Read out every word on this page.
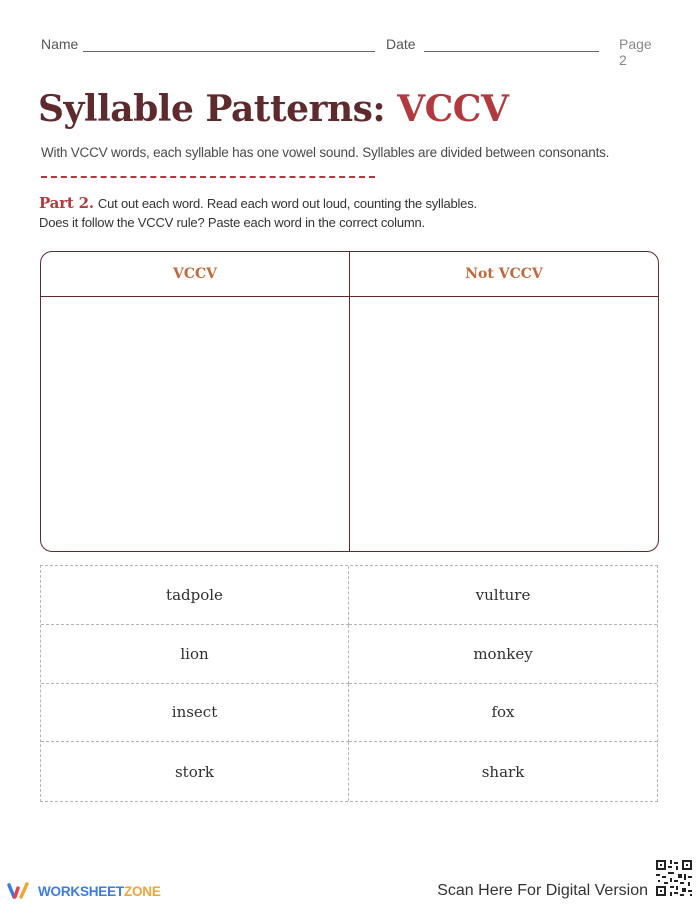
Name	Date	Page 2
Syllable Patterns: VCCV

With VCCV words, each syllable has one vowel sound. Syllables are divided between consonants.

Part 2. Cut out each word. Read each word out loud, counting the syllables.
Does it follow the VCCV rule? Paste each word in the correct column.
VCCV	Not VCCV
tadpole	vulture
lion	monkey
insect	fox
stork	shark
WORKSHEETZONE	Scan Here For Digital Version
